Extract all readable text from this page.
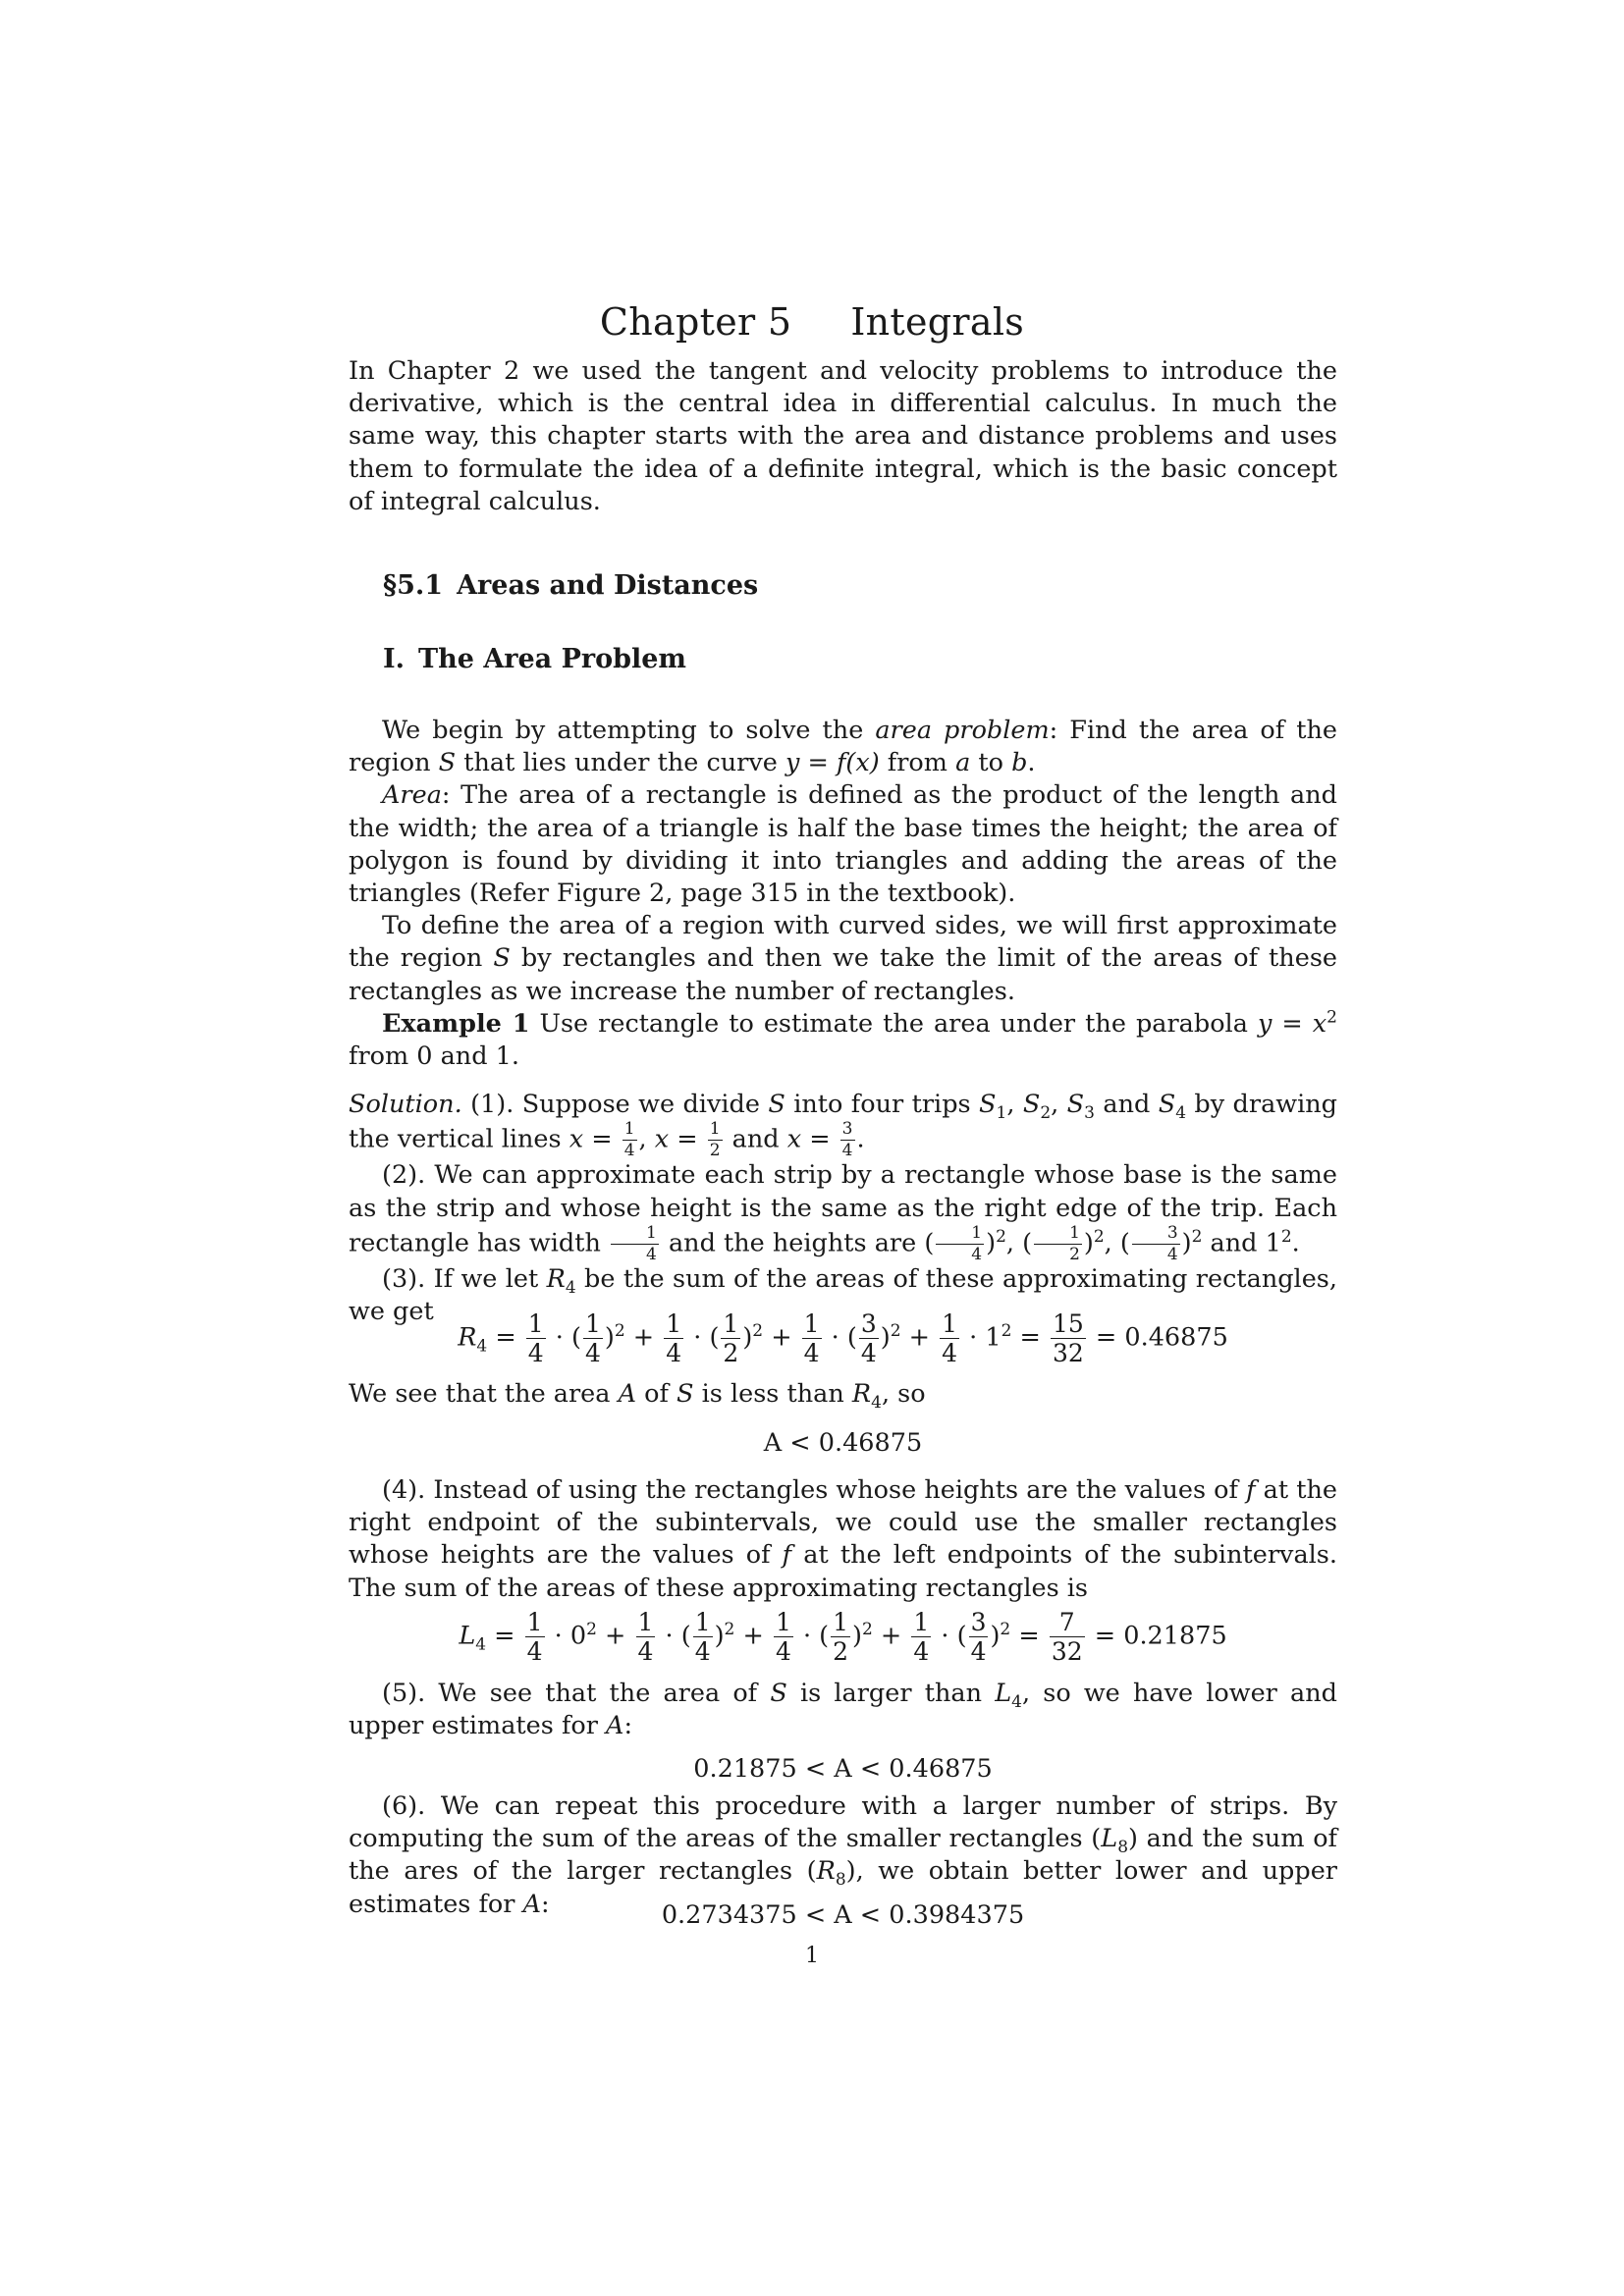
Chapter 5 Integrals

In Chapter 2 we used the tangent and velocity problems to introduce the derivative, which is the central idea in differential calculus. In much the same way, this chapter starts with the area and distance problems and uses them to formulate the idea of a definite integral, which is the basic concept of integral calculus.

§5.1 Areas and Distances
I. The Area Problem

We begin by attempting to solve the area problem: Find the area of the region S that lies under the curve y = f(x) from a to b.

Area: The area of a rectangle is defined as the product of the length and the width; the area of a triangle is half the base times the height; the area of polygon is found by dividing it into triangles and adding the areas of the triangles (Refer Figure 2, page 315 in the textbook).

To define the area of a region with curved sides, we will first approximate the region S by rectangles and then we take the limit of the areas of these rectangles as we increase the number of rectangles.

Example 1 Use rectangle to estimate the area under the parabola $y = x^2$ from 0 and 1.

Solution. (1). Suppose we divide S into four trips $S_1$, $S_2$, $S_3$ and $S_4$ by drawing the vertical lines $x = \frac{1}{4}$ , $x = \frac{1}{2}$ and $x = \frac{3}{4}$ .

(2). We can approximate each strip by a rectangle whose base is the same as the strip and whose height is the same as the right edge of the trip. Each rectangle has width $\frac{1}{4}$ and the heights are ( $\frac{1}{4} )^2$, ( $\frac{1}{2} )^2$, ( $\frac{3}{4} )^2$ and $1^2$.

(3). If we let $R_4$ be the sum of the areas of these approximating rectangles, we get

$R_4 = \frac{1}{4}$ · ( $\frac{1}{4} )^2 + \frac{1}{4}$ · ( $\frac{1}{2} )^2 + \frac{1}{4}$ · ( $\frac{3}{4} )^2 + \frac{1}{4} \cdot 1^2 = \frac{15}{32} = 0.46875$

We see that the area A of S is less than $R_4$, so

A < 0.46875

(4). Instead of using the rectangles whose heights are the values of f at the right endpoint of the subintervals, we could use the smaller rectangles whose heights are the values of f at the left endpoints of the subintervals. The sum of the areas of these approximating rectangles is

$L_4 = \frac{1}{4} \cdot 0^2 + \frac{1}{4}$ · ( $\frac{1}{4} )^2 + \frac{1}{4}$ · ( $\frac{1}{2} )^2 + \frac{1}{4}$ · ( $\frac{3}{4} )^2 = \frac{7}{32} = 0.21875$

(5). We see that the area of S is larger than $L_4$, so we have lower and upper estimates for A:

0.21875 < A < 0.46875

(6). We can repeat this procedure with a larger number of strips. By computing the sum of the areas of the smaller rectangles $(L_8)$ and the sum of the ares of the larger rectangles $(R_8)$, we obtain better lower and upper estimates for A:	0.2734375 < A < 0.3984375
1
